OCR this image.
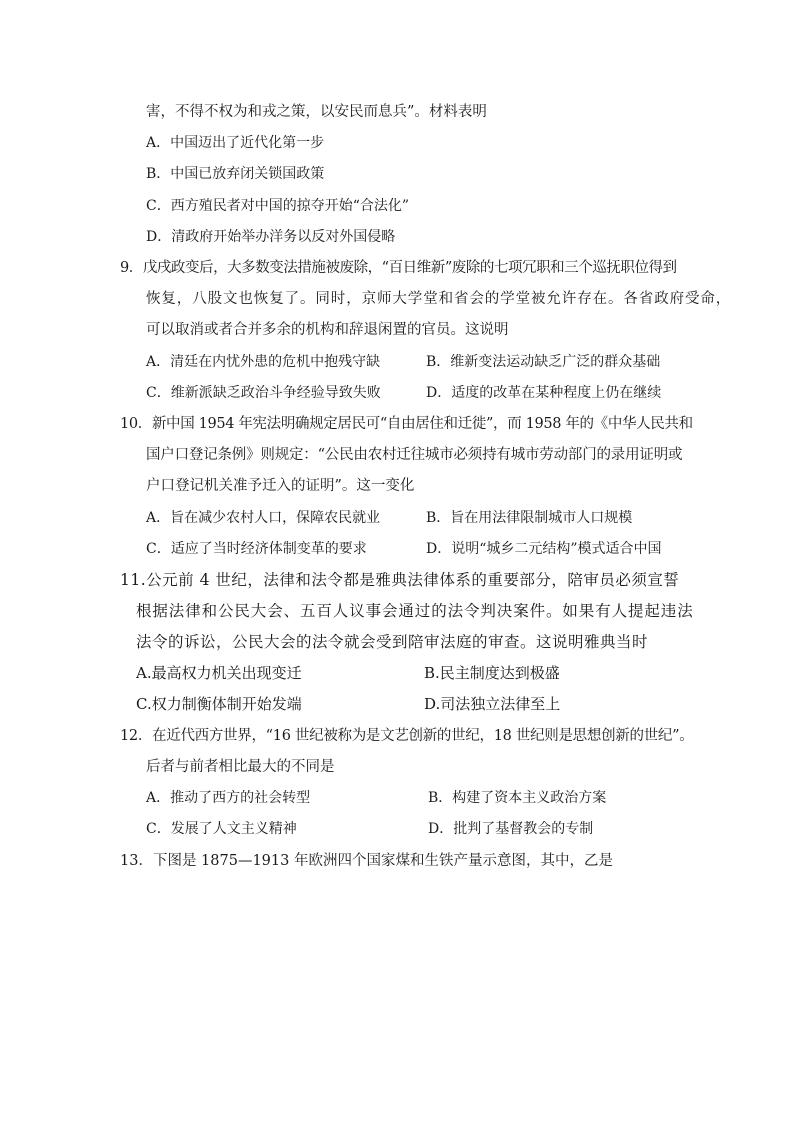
害，不得不权为和戎之策，以安民而息兵”。材料表明
A．中国迈出了近代化第一步
B．中国已放弃闭关锁国政策
C．西方殖民者对中国的掠夺开始“合法化”
D．清政府开始举办洋务以反对外国侵略
9．戊戌政变后，大多数变法措施被废除，“百日维新”废除的七项冗职和三个巡抚职位得到
恢复，八股文也恢复了。同时，京师大学堂和省会的学堂被允许存在。各省政府受命，
可以取消或者合并多余的机构和辞退闲置的官员。这说明
A．清廷在内忧外患的危机中抱残守缺	B．维新变法运动缺乏广泛的群众基础
C．维新派缺乏政治斗争经验导致失败	D．适度的改革在某种程度上仍在继续
10．新中国 1954 年宪法明确规定居民可“自由居住和迁徙”，而 1958 年的《中华人民共和
国户口登记条例》则规定：“公民由农村迁往城市必须持有城市劳动部门的录用证明或
户口登记机关准予迁入的证明”。这一变化
A．旨在减少农村人口，保障农民就业	B．旨在用法律限制城市人口规模
C．适应了当时经济体制变革的要求	D．说明“城乡二元结构”模式适合中国
11.公元前 4 世纪，法律和法令都是雅典法律体系的重要部分，陪审员必须宣誓
根据法律和公民大会、五百人议事会通过的法令判决案件。如果有人提起违法
法令的诉讼，公民大会的法令就会受到陪审法庭的审查。这说明雅典当时
A.最高权力机关出现变迁	B.民主制度达到极盛
C.权力制衡体制开始发端	D.司法独立法律至上
12．在近代西方世界，“16 世纪被称为是文艺创新的世纪，18 世纪则是思想创新的世纪”。
后者与前者相比最大的不同是
A．推动了西方的社会转型	B．构建了资本主义政治方案
C．发展了人文主义精神	D．批判了基督教会的专制
13．下图是 1875—1913 年欧洲四个国家煤和生铁产量示意图，其中，乙是
